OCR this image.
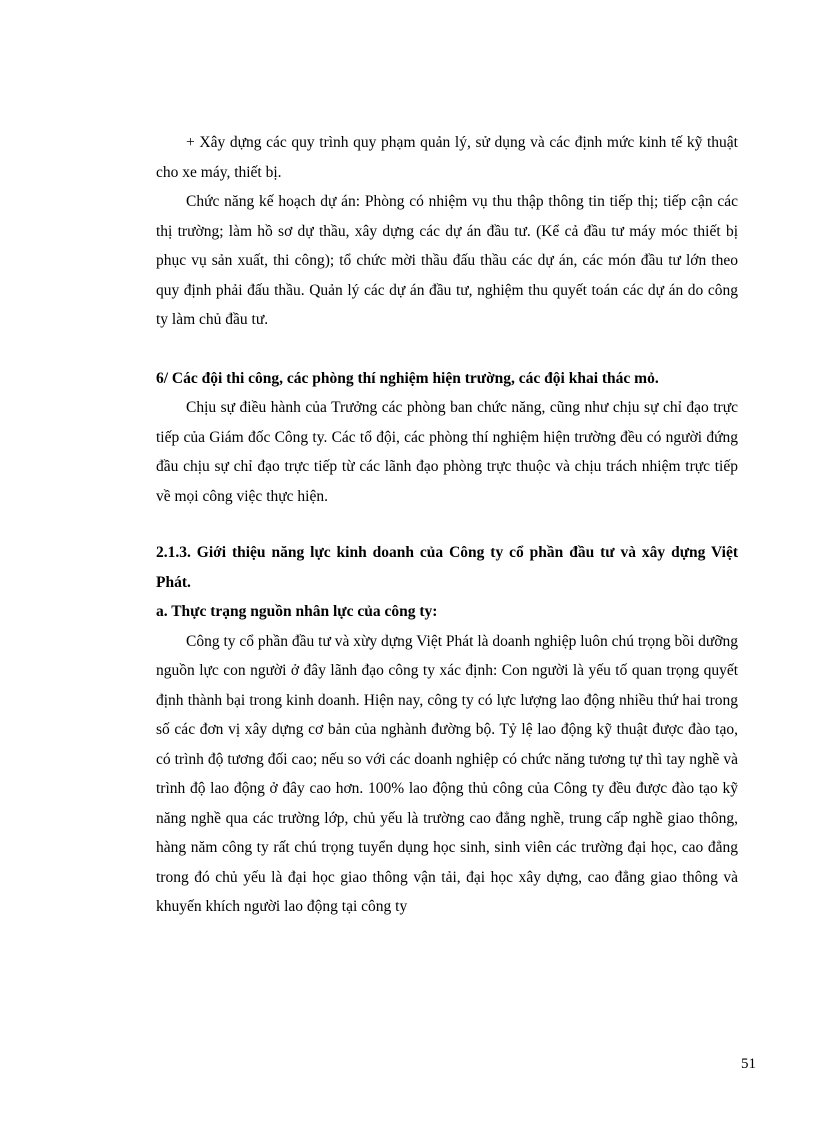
+ Xây dựng các quy trình quy phạm quản lý, sử dụng và các định mức kinh tế kỹ thuật cho xe máy, thiết bị.

Chức năng kế hoạch dự án: Phòng có nhiệm vụ thu thập thông tin tiếp thị; tiếp cận các thị trường; làm hồ sơ dự thầu, xây dựng các dự án đầu tư. (Kể cả đầu tư máy móc thiết bị phục vụ sản xuất, thi công); tổ chức mời thầu đấu thầu các dự án, các món đầu tư lớn theo quy định phải đấu thầu. Quản lý các dự án đầu tư, nghiệm thu quyết toán các dự án do công ty làm chủ đầu tư.

6/ Các đội thi công, các phòng thí nghiệm hiện trường, các đội khai thác mỏ.

Chịu sự điều hành của Trưởng các phòng ban chức năng, cũng như chịu sự chỉ đạo trực tiếp của Giám đốc Công ty. Các tổ đội, các phòng thí nghiệm hiện trường đều có người đứng đầu chịu sự chỉ đạo trực tiếp từ các lãnh đạo phòng trực thuộc và chịu trách nhiệm trực tiếp về mọi công việc thực hiện.

2.1.3. Giới thiệu năng lực kinh doanh của Công ty cổ phần đầu tư và xây dựng Việt Phát.

a. Thực trạng nguồn nhân lực của công ty:

Công ty cổ phần đầu tư và xừy dựng Việt Phát là doanh nghiệp luôn chú trọng bồi dưỡng nguồn lực con người ở đây lãnh đạo công ty xác định: Con người là yếu tố quan trọng quyết định thành bại trong kinh doanh. Hiện nay, công ty có lực lượng lao động nhiều thứ hai trong số các đơn vị xây dựng cơ bản của nghành đường bộ. Tỷ lệ lao động kỹ thuật được đào tạo, có trình độ tương đối cao; nếu so với các doanh nghiệp có chức năng tương tự thì tay nghề và trình độ lao động ở đây cao hơn. 100% lao động thủ công của Công ty đều được đào tạo kỹ năng nghề qua các trường lớp, chủ yếu là trường cao đẳng nghề, trung cấp nghề giao thông, hàng năm công ty rất chú trọng tuyển dụng học sinh, sinh viên các trường đại học, cao đẳng trong đó chủ yếu là đại học giao thông vận tải, đại học xây dựng, cao đẳng giao thông và khuyến khích người lao động tại công ty

51
